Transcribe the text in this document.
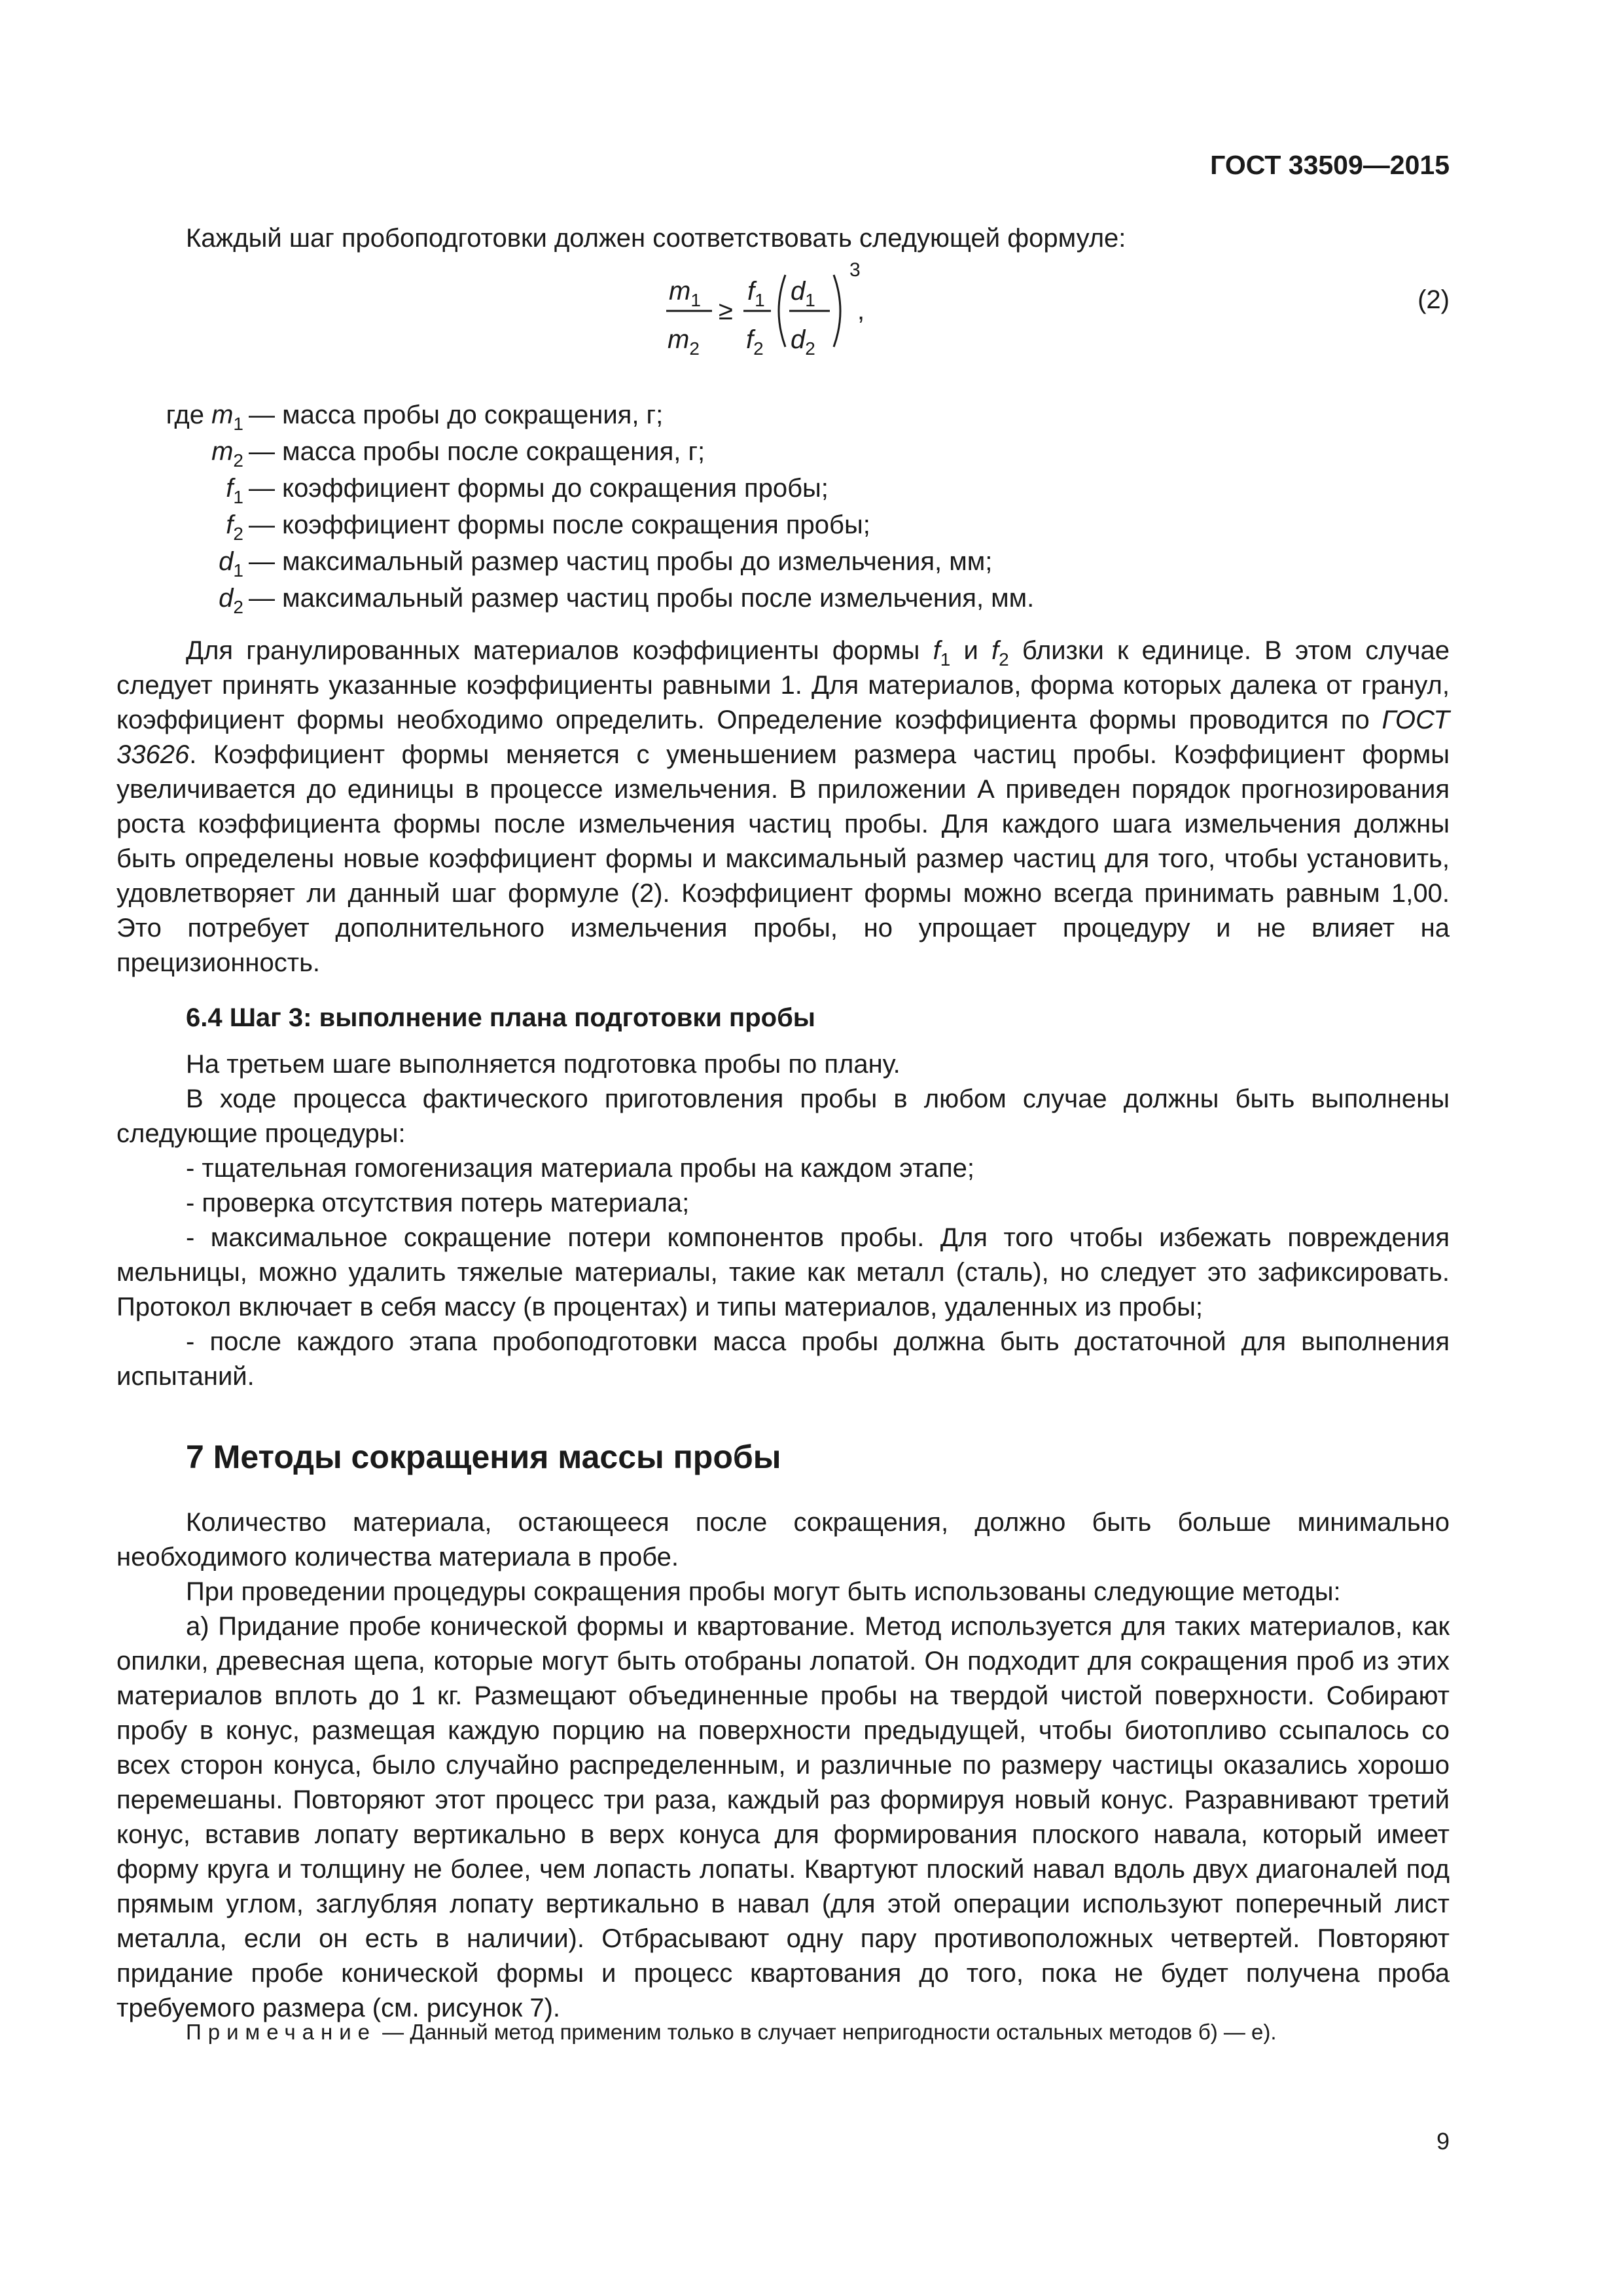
ГОСТ 33509—2015
Каждый шаг пробоподготовки должен соответствовать следующей формуле:
$m_1$
$m_2$
≥
$f_1$
$f_2$
$d_1$
$d_2$
3
,	(2)
где $m_1$ — масса пробы до сокращения, г;
$m_2$ — масса пробы после сокращения, г;
$f_1$ — коэффициент формы до сокращения пробы;
$f_2$ — коэффициент формы после сокращения пробы;
$d_1$ — максимальный размер частиц пробы до измельчения, мм;
$d_2$ — максимальный размер частиц пробы после измельчения, мм.

Для гранулированных материалов коэффициенты формы $f_1$ и $f_2$ близки к единице. В этом случае следует принять указанные коэффициенты равными 1. Для материалов, форма которых далека от гранул, коэффициент формы необходимо определить. Определение коэффициента формы проводится по ГОСТ 33626. Коэффициент формы меняется с уменьшением размера частиц пробы. Коэффициент формы увеличивается до единицы в процессе измельчения. В приложении А приведен порядок прогнозирования роста коэффициента формы после измельчения частиц пробы. Для каждого шага измельчения должны быть определены новые коэффициент формы и максимальный размер частиц для того, чтобы установить, удовлетворяет ли данный шаг формуле (2). Коэффициент формы можно всегда принимать равным 1,00. Это потребует дополнительного измельчения пробы, но упрощает процедуру и не влияет на прецизионность.

6.4 Шаг 3: выполнение плана подготовки пробы

На третьем шаге выполняется подготовка пробы по плану.

В ходе процесса фактического приготовления пробы в любом случае должны быть выполнены следующие процедуры:

- тщательная гомогенизация материала пробы на каждом этапе;

- проверка отсутствия потерь материала;

- максимальное сокращение потери компонентов пробы. Для того чтобы избежать повреждения мельницы, можно удалить тяжелые материалы, такие как металл (сталь), но следует это зафиксировать. Протокол включает в себя массу (в процентах) и типы материалов, удаленных из пробы;

- после каждого этапа пробоподготовки масса пробы должна быть достаточной для выполнения испытаний.

7 Методы сокращения массы пробы

Количество материала, остающееся после сокращения, должно быть больше минимально необходимого количества материала в пробе.

При проведении процедуры сокращения пробы могут быть использованы следующие методы:

а) Придание пробе конической формы и квартование. Метод используется для таких материалов, как опилки, древесная щепа, которые могут быть отобраны лопатой. Он подходит для сокращения проб из этих материалов вплоть до 1 кг. Размещают объединенные пробы на твердой чистой поверхности. Собирают пробу в конус, размещая каждую порцию на поверхности предыдущей, чтобы биотопливо ссыпалось со всех сторон конуса, было случайно распределенным, и различные по размеру частицы оказались хорошо перемешаны. Повторяют этот процесс три раза, каждый раз формируя новый конус. Разравнивают третий конус, вставив лопату вертикально в верх конуса для формирования плоского навала, который имеет форму круга и толщину не более, чем лопасть лопаты. Квартуют плоский навал вдоль двух диагоналей под прямым углом, заглубляя лопату вертикально в навал (для этой операции используют поперечный лист металла, если он есть в наличии). Отбрасывают одну пару противоположных четвертей. Повторяют придание пробе конической формы и процесс квартования до того, пока не будет получена проба требуемого размера (см. рисунок 7).

Примечание — Данный метод применим только в случает непригодности остальных методов б) — е).
9
